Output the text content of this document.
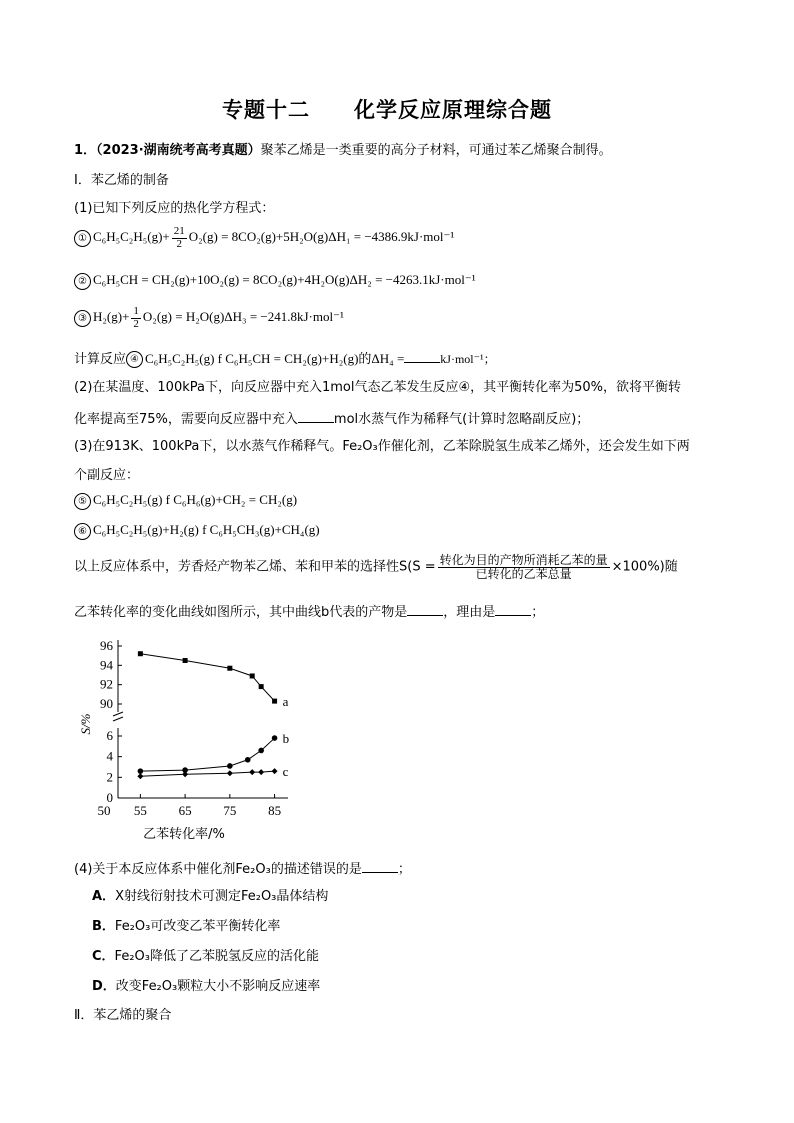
专题十二　　化学反应原理综合题
1．（2023·湖南统考高考真题）聚苯乙烯是一类重要的高分子材料，可通过苯乙烯聚合制得。
Ⅰ．苯乙烯的制备
(1)已知下列反应的热化学方程式：
① $C_6H_5C_2H_5(g)+ \frac{21}{2} O_2(g) = 8CO_2(g)+5H_2O(g)\Delta H_1 = -4386.9kJ\cdot mol^{-1}$
② C₆H₅CH = CH₂(g)+10O₂(g) = 8CO₂(g)+4H₂O(g)ΔH₂ = −4263.1kJ·mol⁻¹
③ $H_2(g)+ \frac{1}{2} O_2(g) = H_2O(g)\Delta H_3 = -241.8kJ\cdot mol^{-1}$
计算反应 ④ C₆H₅C₂H₅(g) f C₆H₅CH = CH₂(g)+H₂(g)的ΔH₄ =	kJ·mol⁻¹；
(2)在某温度、100kPa下，向反应器中充入1mol气态乙苯发生反应④，其平衡转化率为50%，欲将平衡转
化率提高至75%，需要向反应器中充入	mol水蒸气作为稀释气(计算时忽略副反应)；
(3)在913K、100kPa下，以水蒸气作稀释气。Fe₂O₃作催化剂，乙苯除脱氢生成苯乙烯外，还会发生如下两
个副反应：
⑤ C₆H₅C₂H₅(g) f C₆H₆(g)+CH₂ = CH₂(g)
⑥ C₆H₅C₂H₅(g)+H₂(g) f C₆H₅CH₃(g)+CH₄(g)
以上反应体系中，芳香烃产物苯乙烯、苯和甲苯的选择性$S(S = \frac{\text{转化为目的产物所消耗乙苯的量}}{\text{已转化的乙苯总量}} \times 100\%)$随
乙苯转化率的变化曲线如图所示，其中曲线b代表的产物是	，理由是	；
90
92
94
96
0
2
4
6
50 55 65 75 85
a
b
c
S/%
乙苯转化率/%
(4)关于本反应体系中催化剂Fe₂O₃的描述错误的是	；
A．X射线衍射技术可测定Fe₂O₃晶体结构
B．Fe₂O₃可改变乙苯平衡转化率
C．Fe₂O₃降低了乙苯脱氢反应的活化能
D．改变Fe₂O₃颗粒大小不影响反应速率
Ⅱ．苯乙烯的聚合
